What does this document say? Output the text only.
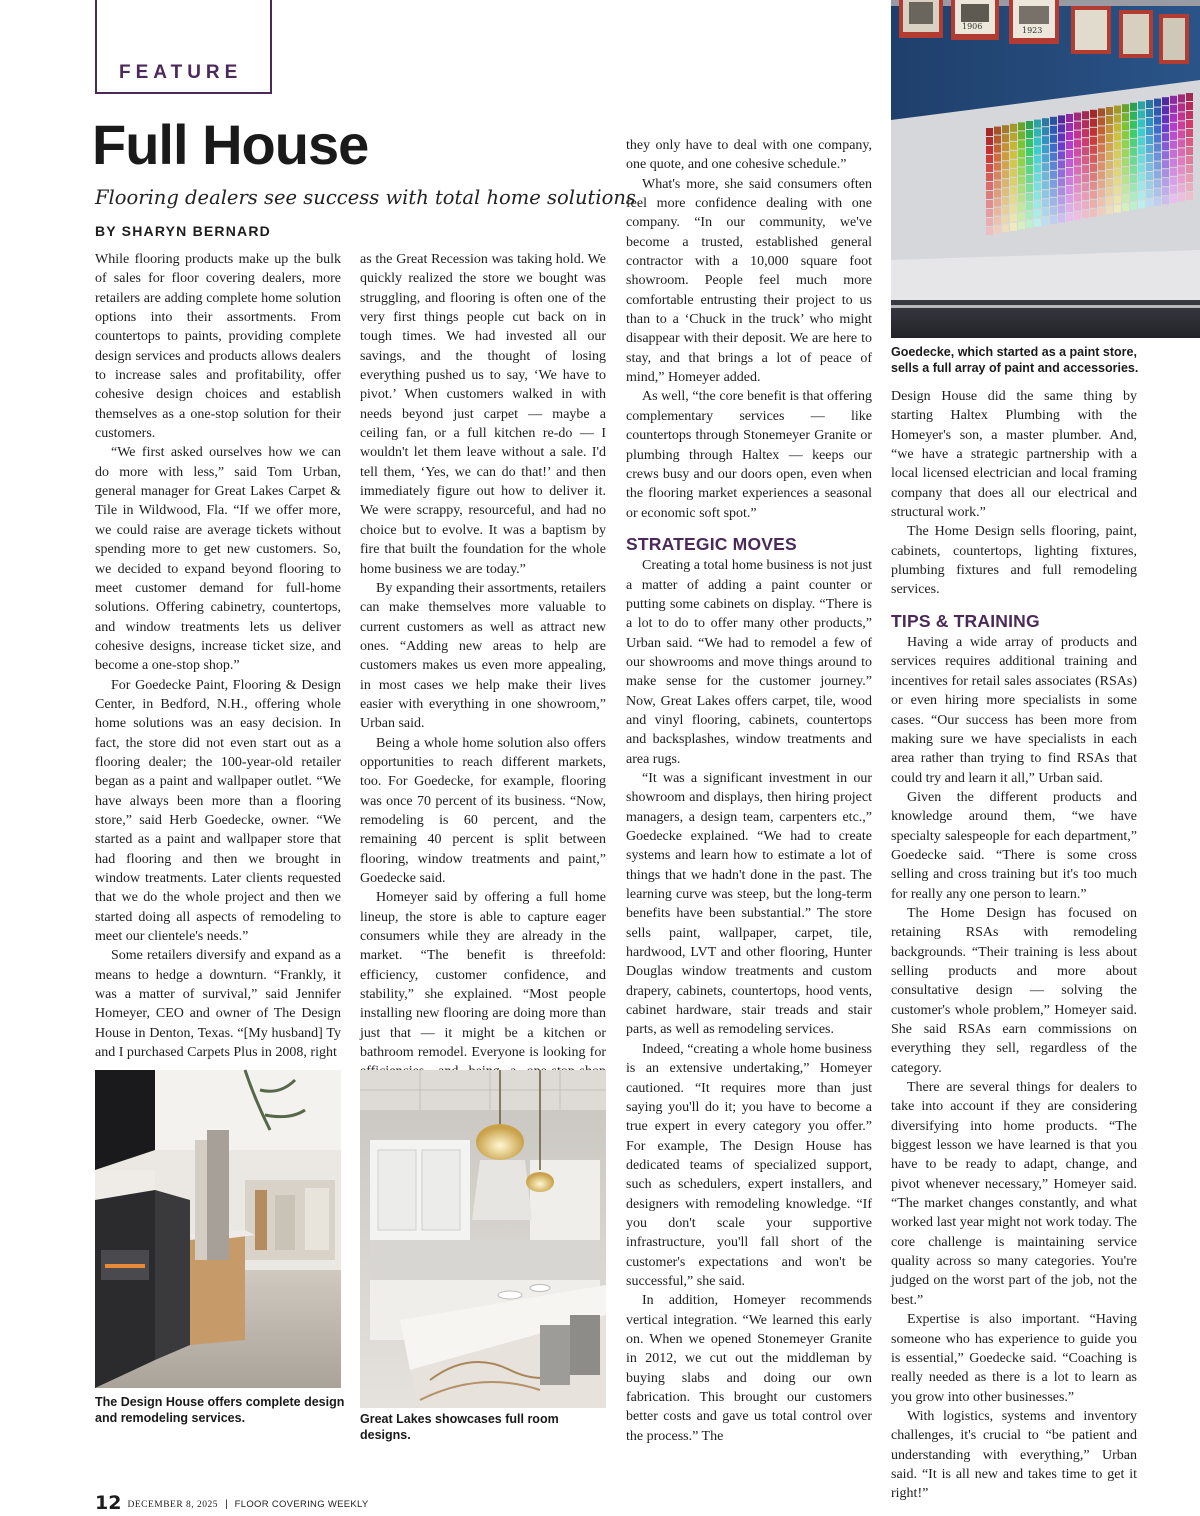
FEATURE
Full House

Flooring dealers see success with total home solutions

BY SHARYN BERNARD

1906	1923

Goedecke, which started as a paint store, sells a full array of paint and accessories.

While flooring products make up the bulk of sales for floor covering dealers, more retailers are adding complete home solution options into their assortments. From countertops to paints, providing complete design services and products allows dealers to increase sales and profitability, offer cohesive design choices and establish themselves as a one-stop solution for their customers.

“We first asked ourselves how we can do more with less,” said Tom Urban, general manager for Great Lakes Carpet & Tile in Wildwood, Fla. “If we offer more, we could raise are average tickets without spending more to get new customers. So, we decided to expand beyond flooring to meet customer demand for full-home solutions. Offering cabinetry, countertops, and window treatments lets us deliver cohesive designs, increase ticket size, and become a one-stop shop.”

For Goedecke Paint, Flooring & Design Center, in Bedford, N.H., offering whole home solutions was an easy decision. In fact, the store did not even start out as a flooring dealer; the 100-year-old retailer began as a paint and wallpaper outlet. “We have always been more than a flooring store,” said Herb Goedecke, owner. “We started as a paint and wallpaper store that had flooring and then we brought in window treatments. Later clients requested that we do the whole project and then we started doing all aspects of remodeling to meet our clientele's needs.”

Some retailers diversify and expand as a means to hedge a downturn. “Frankly, it was a matter of survival,” said Jennifer Homeyer, CEO and owner of The Design House in Denton, Texas. “[My husband] Ty and I purchased Carpets Plus in 2008, right

as the Great Recession was taking hold. We quickly realized the store we bought was struggling, and flooring is often one of the very first things people cut back on in tough times. We had invested all our savings, and the thought of losing everything pushed us to say, ‘We have to pivot.’ When customers walked in with needs beyond just carpet — maybe a ceiling fan, or a full kitchen re-do — I wouldn't let them leave without a sale. I'd tell them, ‘Yes, we can do that!’ and then immediately figure out how to deliver it. We were scrappy, resourceful, and had no choice but to evolve. It was a baptism by fire that built the foundation for the whole home business we are today.”

By expanding their assortments, retailers can make themselves more valuable to current customers as well as attract new ones. “Adding new areas to help are customers makes us even more appealing, in most cases we help make their lives easier with everything in one showroom,” Urban said.

Being a whole home solution also offers opportunities to reach different markets, too. For Goedecke, for example, flooring was once 70 percent of its business. “Now, remodeling is 60 percent, and the remaining 40 percent is split between flooring, window treatments and paint,” Goedecke said.

Homeyer said by offering a full home lineup, the store is able to capture eager consumers while they are already in the market. “The benefit is threefold: efficiency, customer confidence, and stability,” she explained. “Most people installing new flooring are doing more than just that — it might be a kitchen or bathroom remodel. Everyone is looking for

they only have to deal with one company, one quote, and one cohesive schedule.”

What's more, she said consumers often feel more confidence dealing with one company. “In our community, we've become a trusted, established general contractor with a 10,000 square foot showroom. People feel much more comfortable entrusting their project to us than to a ‘Chuck in the truck’ who might disappear with their deposit. We are here to stay, and that brings a lot of peace of mind,” Homeyer added.

As well, “the core benefit is that offering complementary services — like countertops through Stonemeyer Granite or plumbing through Haltex — keeps our crews busy and our doors open, even when the flooring market experiences a seasonal or economic soft spot.”

STRATEGIC MOVES

Creating a total home business is not just a matter of adding a paint counter or putting some cabinets on display. “There is a lot to do to offer many other products,” Urban said. “We had to remodel a few of our showrooms and move things around to make sense for the customer journey.” Now, Great Lakes offers carpet, tile, wood and vinyl flooring, cabinets, countertops and backsplashes, window treatments and area rugs.

“It was a significant investment in our showroom and displays, then hiring project managers, a design team, carpenters etc.,” Goedecke explained. “We had to create systems and learn how to estimate a lot of things that we hadn't done in the past. The learning curve was steep, but the long-term benefits have been substantial.” The store sells paint, wallpaper, carpet, tile, hardwood, LVT and other flooring, Hunter Douglas window treatments and custom drapery, cabinets, countertops, hood vents, cabinet hardware, stair treads and stair parts, as well as remodeling services.

Indeed, “creating a whole home business is an extensive undertaking,” Homeyer cautioned. “It requires more than just saying you'll do it; you have to become a true expert in every category you offer.” For example, The Design House has dedicated teams of specialized support, such as schedulers, expert installers, and designers with remodeling knowledge. “If you don't scale your supportive infrastructure, you'll fall short of the customer's expectations and won't be successful,” she said.

In addition, Homeyer recommends vertical integration. “We learned this early on. When we opened Stonemeyer Granite in 2012, we cut out the middleman by buying slabs and doing our own fabrication. This brought our customers better costs and gave us total control over the process.” The

Design House did the same thing by starting Haltex Plumbing with the Homeyer's son, a master plumber. And, “we have a strategic partnership with a local licensed electrician and local framing company that does all our electrical and structural work.”

The Home Design sells flooring, paint, cabinets, countertops, lighting fixtures, plumbing fixtures and full remodeling services.

TIPS & TRAINING

Having a wide array of products and services requires additional training and incentives for retail sales associates (RSAs) or even hiring more specialists in some cases. “Our success has been more from making sure we have specialists in each area rather than trying to find RSAs that could try and learn it all,” Urban said.

Given the different products and knowledge around them, “we have specialty salespeople for each department,” Goedecke said. “There is some cross selling and cross training but it's too much for really any one person to learn.”

The Home Design has focused on retaining RSAs with remodeling backgrounds. “Their training is less about selling products and more about consultative design — solving the customer's whole problem,” Homeyer said. She said RSAs earn commissions on everything they sell, regardless of the category.

There are several things for dealers to take into account if they are considering diversifying into home products. “The biggest lesson we have learned is that you have to be ready to adapt, change, and pivot whenever necessary,” Homeyer said. “The market changes constantly, and what worked last year might not work today. The core challenge is maintaining service quality across so many categories. You're judged on the worst part of the job, not the best.”

Expertise is also important. “Having someone who has experience to guide you is essential,” Goedecke said. “Coaching is really needed as there is a lot to learn as you grow into other businesses.”

With logistics, systems and inventory challenges, it's crucial to “be patient and understanding with everything,” Urban said. “It is all new and takes time to get it right!”

The Design House offers complete design and remodeling services.	Great Lakes showcases full room designs.

12 DECEMBER 8, 2025 | FLOOR COVERING WEEKLY
